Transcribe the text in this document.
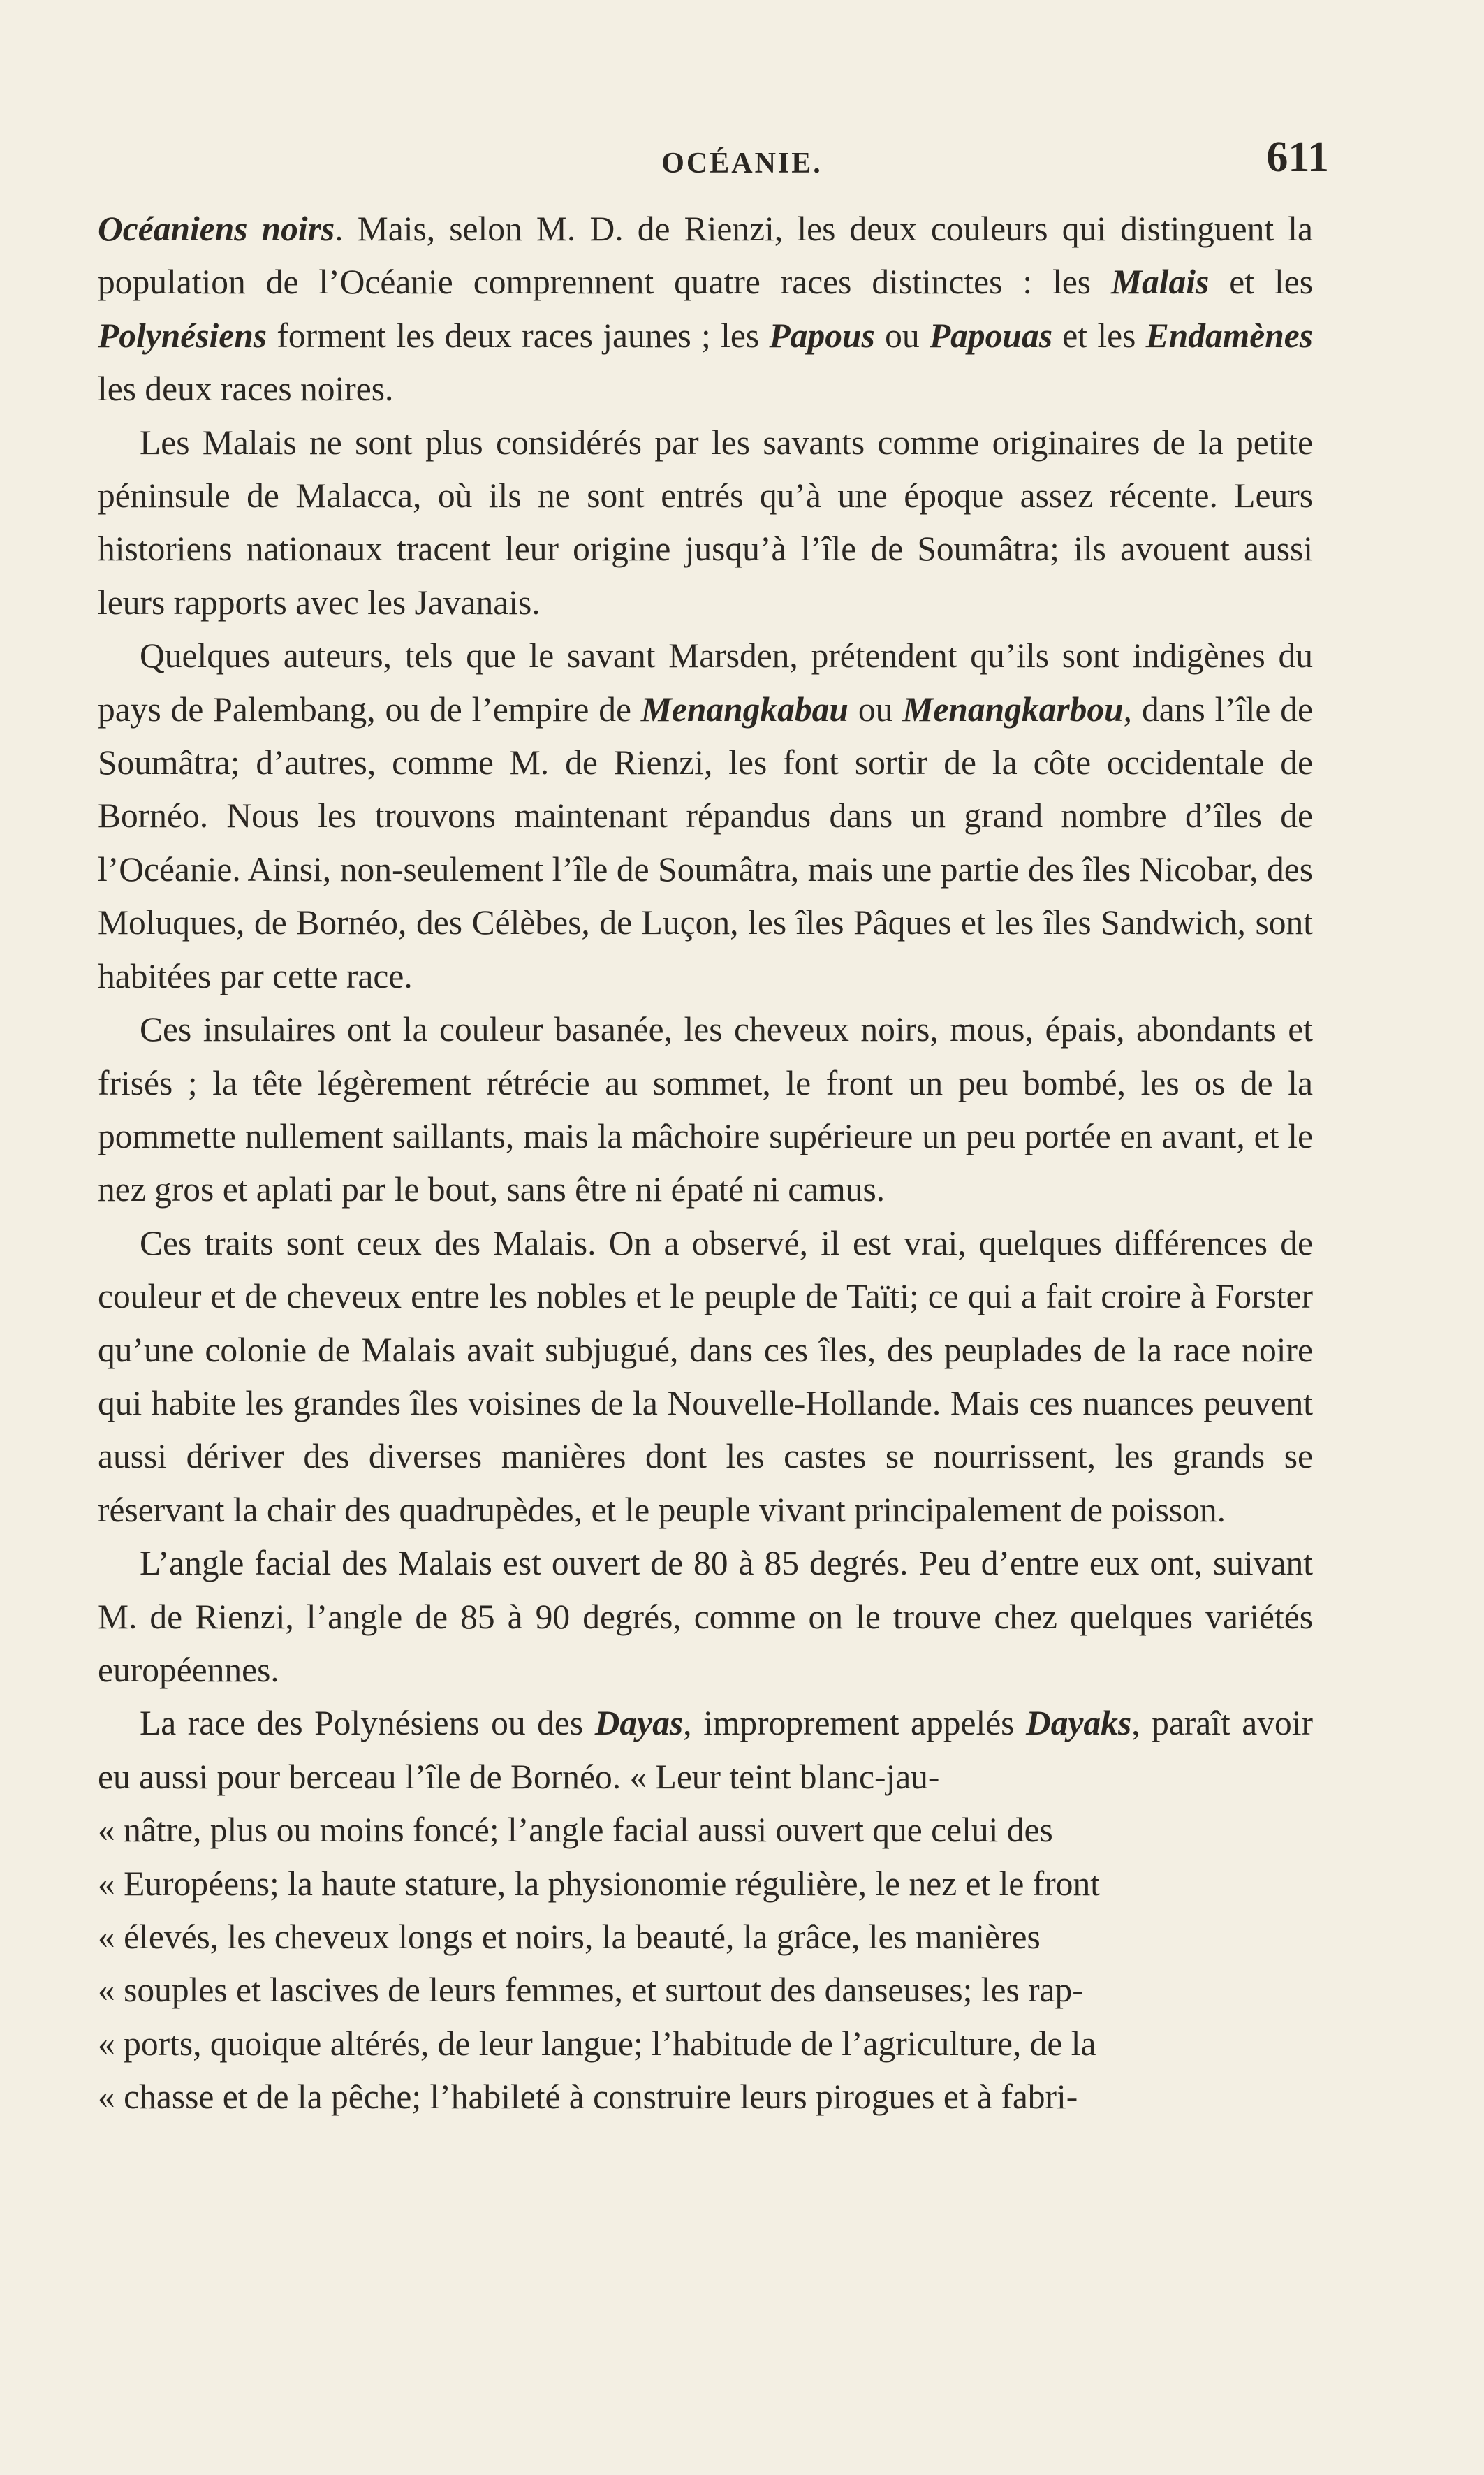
OCÉANIE.	611

Océaniens noirs. Mais, selon M. D. de Rienzi, les deux couleurs qui distinguent la population de l’Océanie comprennent quatre races distinctes : les Malais et les Polynésiens forment les deux races jaunes ; les Papous ou Papouas et les Endamènes les deux races noires.

Les Malais ne sont plus considérés par les savants comme originaires de la petite péninsule de Malacca, où ils ne sont entrés qu’à une époque assez récente. Leurs historiens nationaux tracent leur origine jusqu’à l’île de Soumâtra; ils avouent aussi leurs rapports avec les Javanais.

Quelques auteurs, tels que le savant Marsden, prétendent qu’ils sont indigènes du pays de Palembang, ou de l’empire de Menangkabau ou Menangkarbou, dans l’île de Soumâtra; d’autres, comme M. de Rienzi, les font sortir de la côte occidentale de Bornéo. Nous les trouvons maintenant répandus dans un grand nombre d’îles de l’Océanie. Ainsi, non-seulement l’île de Soumâtra, mais une partie des îles Nicobar, des Moluques, de Bornéo, des Célèbes, de Luçon, les îles Pâques et les îles Sandwich, sont habitées par cette race.

Ces insulaires ont la couleur basanée, les cheveux noirs, mous, épais, abondants et frisés ; la tête légèrement rétrécie au sommet, le front un peu bombé, les os de la pommette nullement saillants, mais la mâchoire supérieure un peu portée en avant, et le nez gros et aplati par le bout, sans être ni épaté ni camus.

Ces traits sont ceux des Malais. On a observé, il est vrai, quelques différences de couleur et de cheveux entre les nobles et le peuple de Taïti; ce qui a fait croire à Forster qu’une colonie de Malais avait subjugué, dans ces îles, des peuplades de la race noire qui habite les grandes îles voisines de la Nouvelle-Hollande. Mais ces nuances peuvent aussi dériver des diverses manières dont les castes se nourrissent, les grands se réservant la chair des quadrupèdes, et le peuple vivant principalement de poisson.

L’angle facial des Malais est ouvert de 80 à 85 degrés. Peu d’entre eux ont, suivant M. de Rienzi, l’angle de 85 à 90 degrés, comme on le trouve chez quelques variétés européennes.

La race des Polynésiens ou des Dayas, improprement appelés Dayaks, paraît avoir eu aussi pour berceau l’île de Bornéo. « Leur teint blanc-jau-

« nâtre, plus ou moins foncé; l’angle facial aussi ouvert que celui des
« Européens; la haute stature, la physionomie régulière, le nez et le front
« élevés, les cheveux longs et noirs, la beauté, la grâce, les manières
« souples et lascives de leurs femmes, et surtout des danseuses; les rap-
« ports, quoique altérés, de leur langue; l’habitude de l’agriculture, de la
« chasse et de la pêche; l’habileté à construire leurs pirogues et à fabri-
